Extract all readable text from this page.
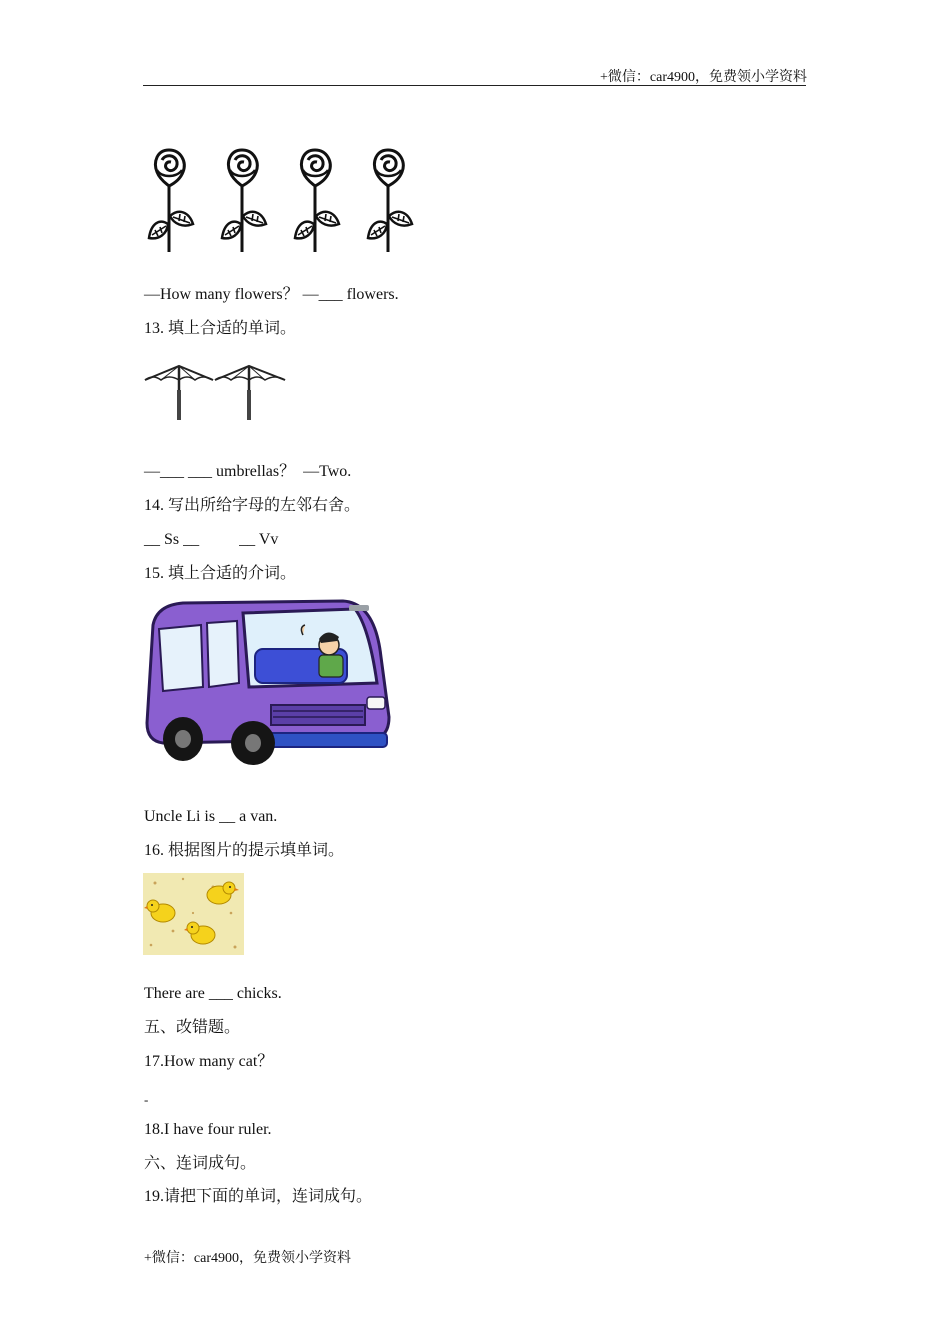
+微信：car4900，免费领小学资料
—How many flowers？ —___ flowers.
13. 填上合适的单词。
—___ ___ umbrellas？  —Two.
14. 写出所给字母的左邻右舍。
__ Ss __          __ Vv
15. 填上合适的介词。
Uncle Li is __ a van.
16. 根据图片的提示填单词。
There are ___ chicks.
五、改错题。
17.How many cat？
-
18.I have four ruler.
六、连词成句。
19.请把下面的单词，连词成句。
+微信：car4900，免费领小学资料
